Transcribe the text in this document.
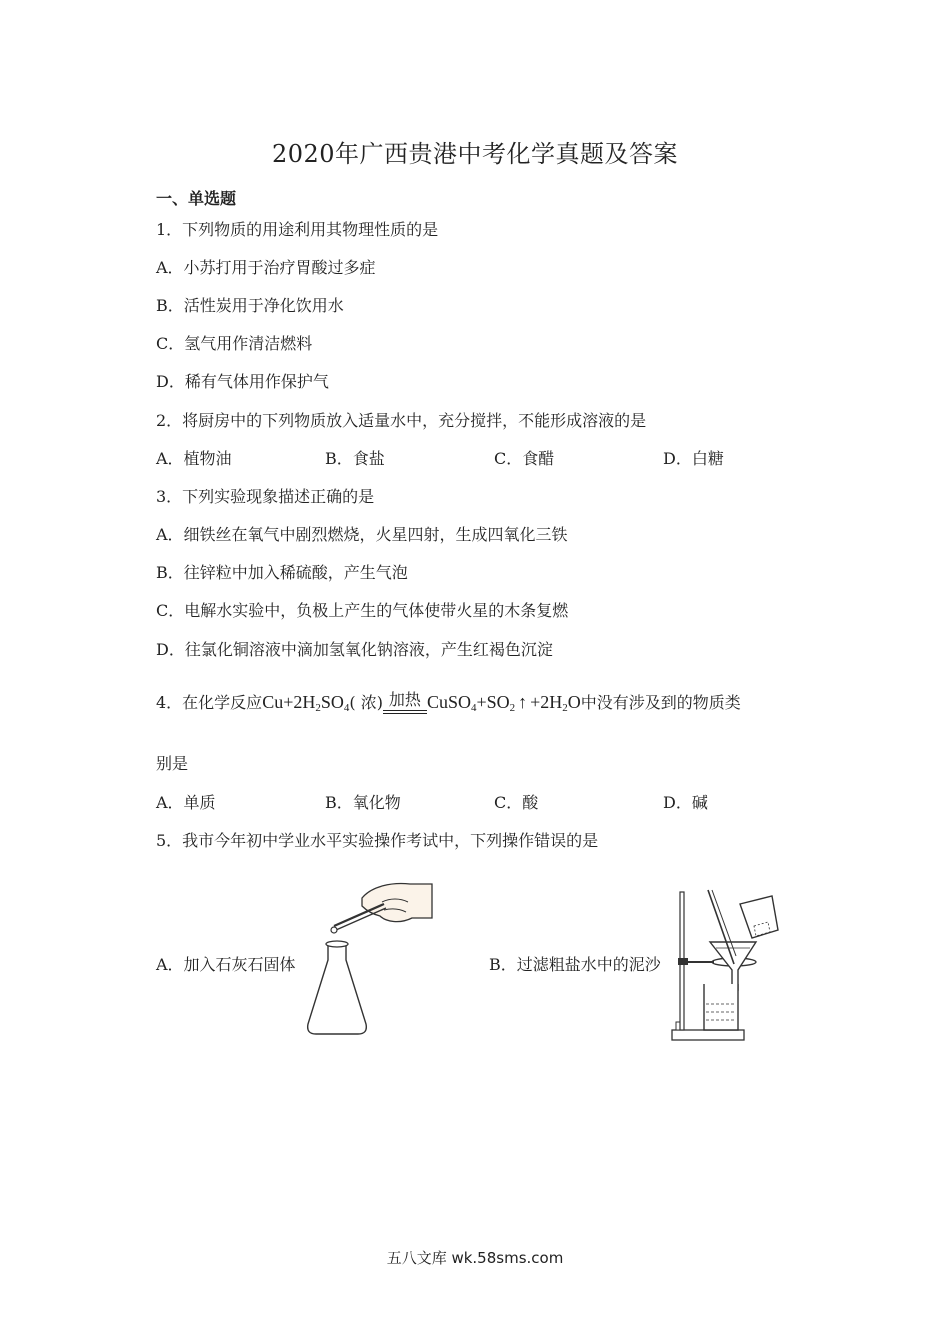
2020年广西贵港中考化学真题及答案
一、单选题
1．下列物质的用途利用其物理性质的是
A．小苏打用于治疗胃酸过多症
B．活性炭用于净化饮用水
C．氢气用作清洁燃料
D．稀有气体用作保护气
2．将厨房中的下列物质放入适量水中，充分搅拌，不能形成溶液的是
A．植物油	B．食盐	C．食醋	D．白糖
3．下列实验现象描述正确的是
A．细铁丝在氧气中剧烈燃烧，火星四射，生成四氧化三铁
B．往锌粒中加入稀硫酸，产生气泡
C．电解水实验中，负极上产生的气体使带火星的木条复燃
D．往氯化铜溶液中滴加氢氧化钠溶液，产生红褐色沉淀
4．在化学反应$Cu+2H_2SO_4$( 浓) 加热 $CuSO_4+SO_2$ ↑ $+2H_2O$中没有涉及到的物质类
别是
A．单质	B．氧化物	C．酸	D．碱
5．我市今年初中学业水平实验操作考试中，下列操作错误的是
A．加入石灰石固体	B．过滤粗盐水中的泥沙
五八文库 wk.58sms.com
